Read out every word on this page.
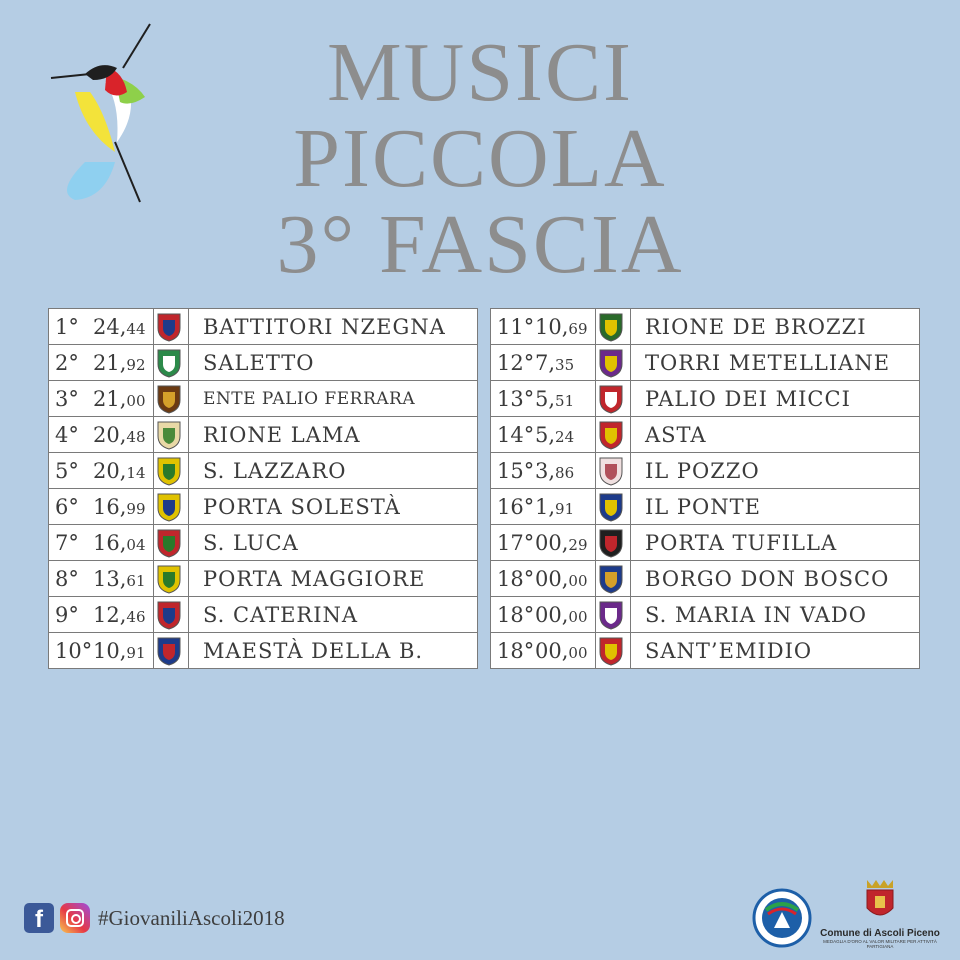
MUSICI
PICCOLA
3° FASCIA
1° 24,44		BATTITORI NZEGNA
2° 21,92		SALETTO
3° 21,00		ENTE PALIO FERRARA
4° 20,48		RIONE LAMA
5° 20,14		S. LAZZARO
6° 16,99		PORTA SOLESTÀ
7° 16,04		S. LUCA
8° 13,61		PORTA MAGGIORE
9° 12,46		S. CATERINA
10°10,91		MAESTÀ DELLA B.
11°10,69		RIONE DE BROZZI
12°7,35		TORRI METELLIANE
13°5,51		PALIO DEI MICCI
14°5,24		ASTA
15°3,86		IL POZZO
16°1,91		IL PONTE
17°00,29		PORTA TUFILLA
18°00,00		BORGO DON BOSCO
18°00,00		S. MARIA IN VADO
18°00,00		SANT’EMIDIO
f	#GiovaniliAscoli2018
Comune di Ascoli Piceno
MEDAGLIA D'ORO AL VALOR MILITARE PER ATTIVITÀ PARTIGIANA
